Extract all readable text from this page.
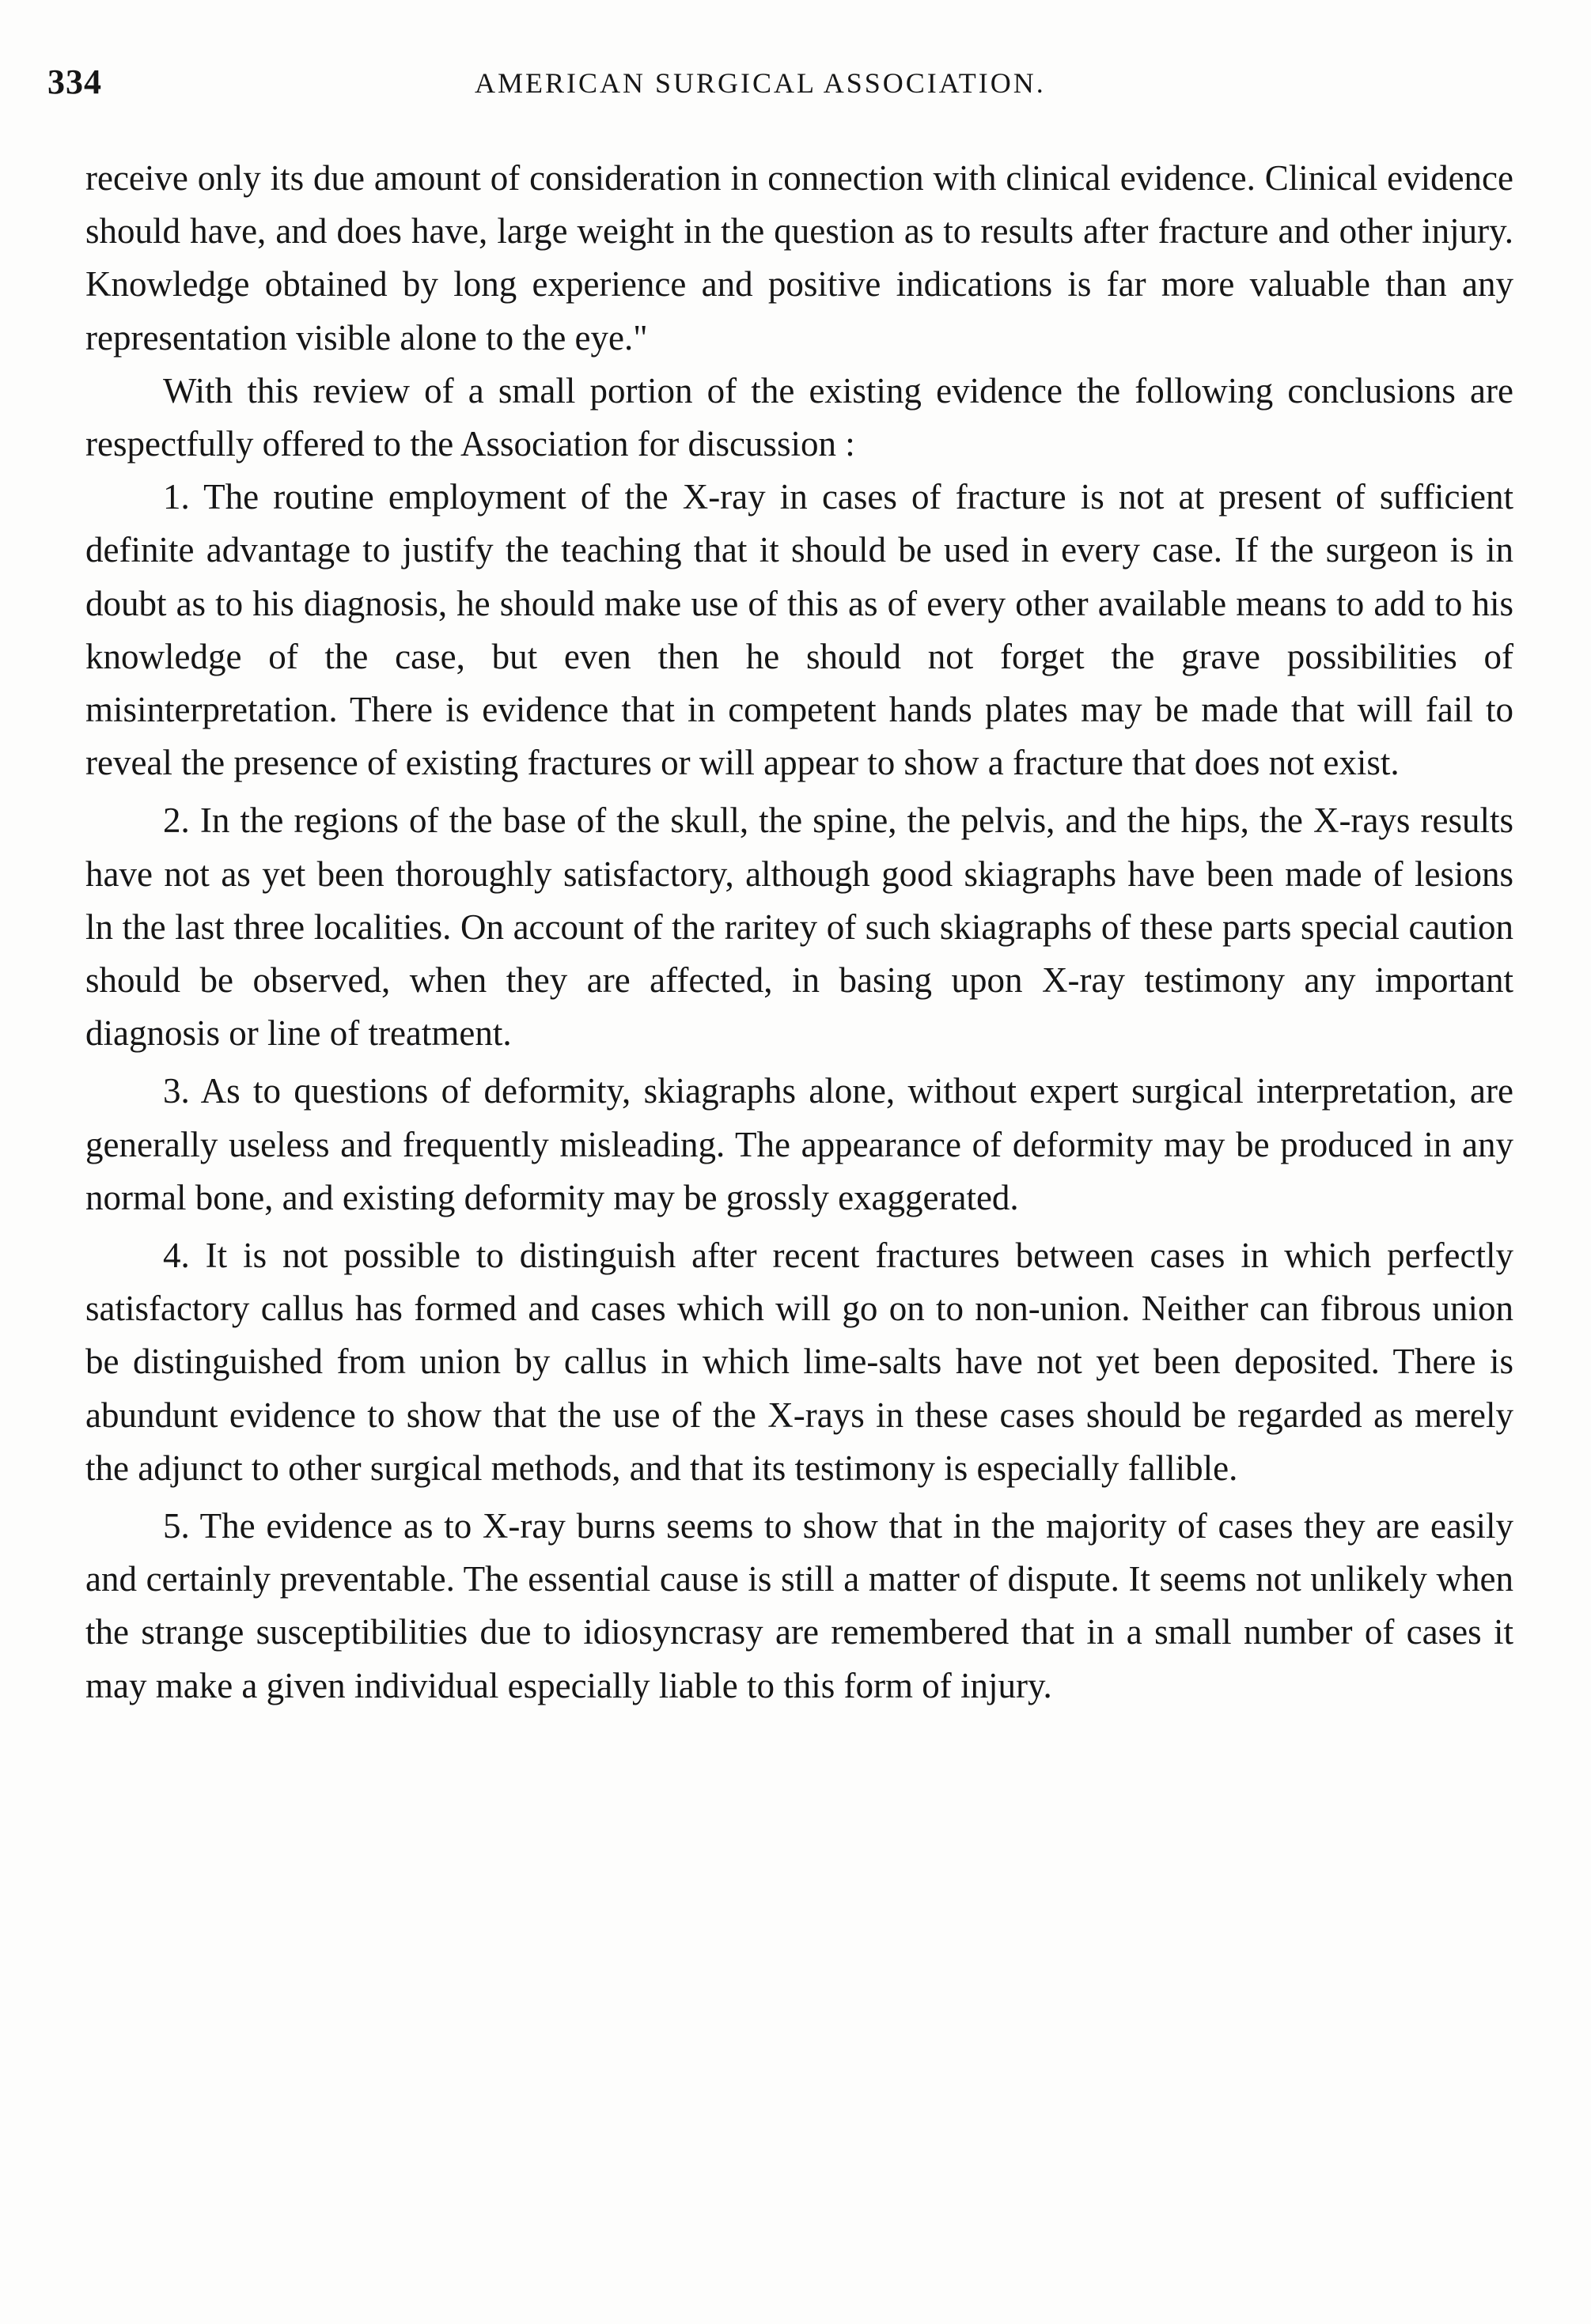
334	AMERICAN SURGICAL ASSOCIATION.

receive only its due amount of consideration in connection with clinical evidence. Clinical evidence should have, and does have, large weight in the question as to results after fracture and other injury. Knowledge obtained by long experience and positive indications is far more valuable than any representation visible alone to the eye."

With this review of a small portion of the existing evidence the following conclusions are respectfully offered to the Association for discussion :

1. The routine employment of the X-ray in cases of fracture is not at present of sufficient definite advantage to justify the teaching that it should be used in every case. If the surgeon is in doubt as to his diagnosis, he should make use of this as of every other available means to add to his knowledge of the case, but even then he should not forget the grave possibilities of misinterpretation. There is evidence that in competent hands plates may be made that will fail to reveal the presence of existing fractures or will appear to show a fracture that does not exist.

2. In the regions of the base of the skull, the spine, the pelvis, and the hips, the X-rays results have not as yet been thoroughly satisfactory, although good skiagraphs have been made of lesions ln the last three localities. On account of the raritey of such skiagraphs of these parts special caution should be observed, when they are affected, in basing upon X-ray testimony any important diagnosis or line of treatment.

3. As to questions of deformity, skiagraphs alone, without expert surgical interpretation, are generally useless and frequently misleading. The appearance of deformity may be produced in any normal bone, and existing deformity may be grossly exaggerated.

4. It is not possible to distinguish after recent fractures between cases in which perfectly satisfactory callus has formed and cases which will go on to non-union. Neither can fibrous union be distinguished from union by callus in which lime-salts have not yet been deposited. There is abundunt evidence to show that the use of the X-rays in these cases should be regarded as merely the adjunct to other surgical methods, and that its testimony is especially fallible.

5. The evidence as to X-ray burns seems to show that in the majority of cases they are easily and certainly preventable. The essential cause is still a matter of dispute. It seems not unlikely when the strange susceptibilities due to idiosyncrasy are remembered that in a small number of cases it may make a given individual especially liable to this form of injury.
